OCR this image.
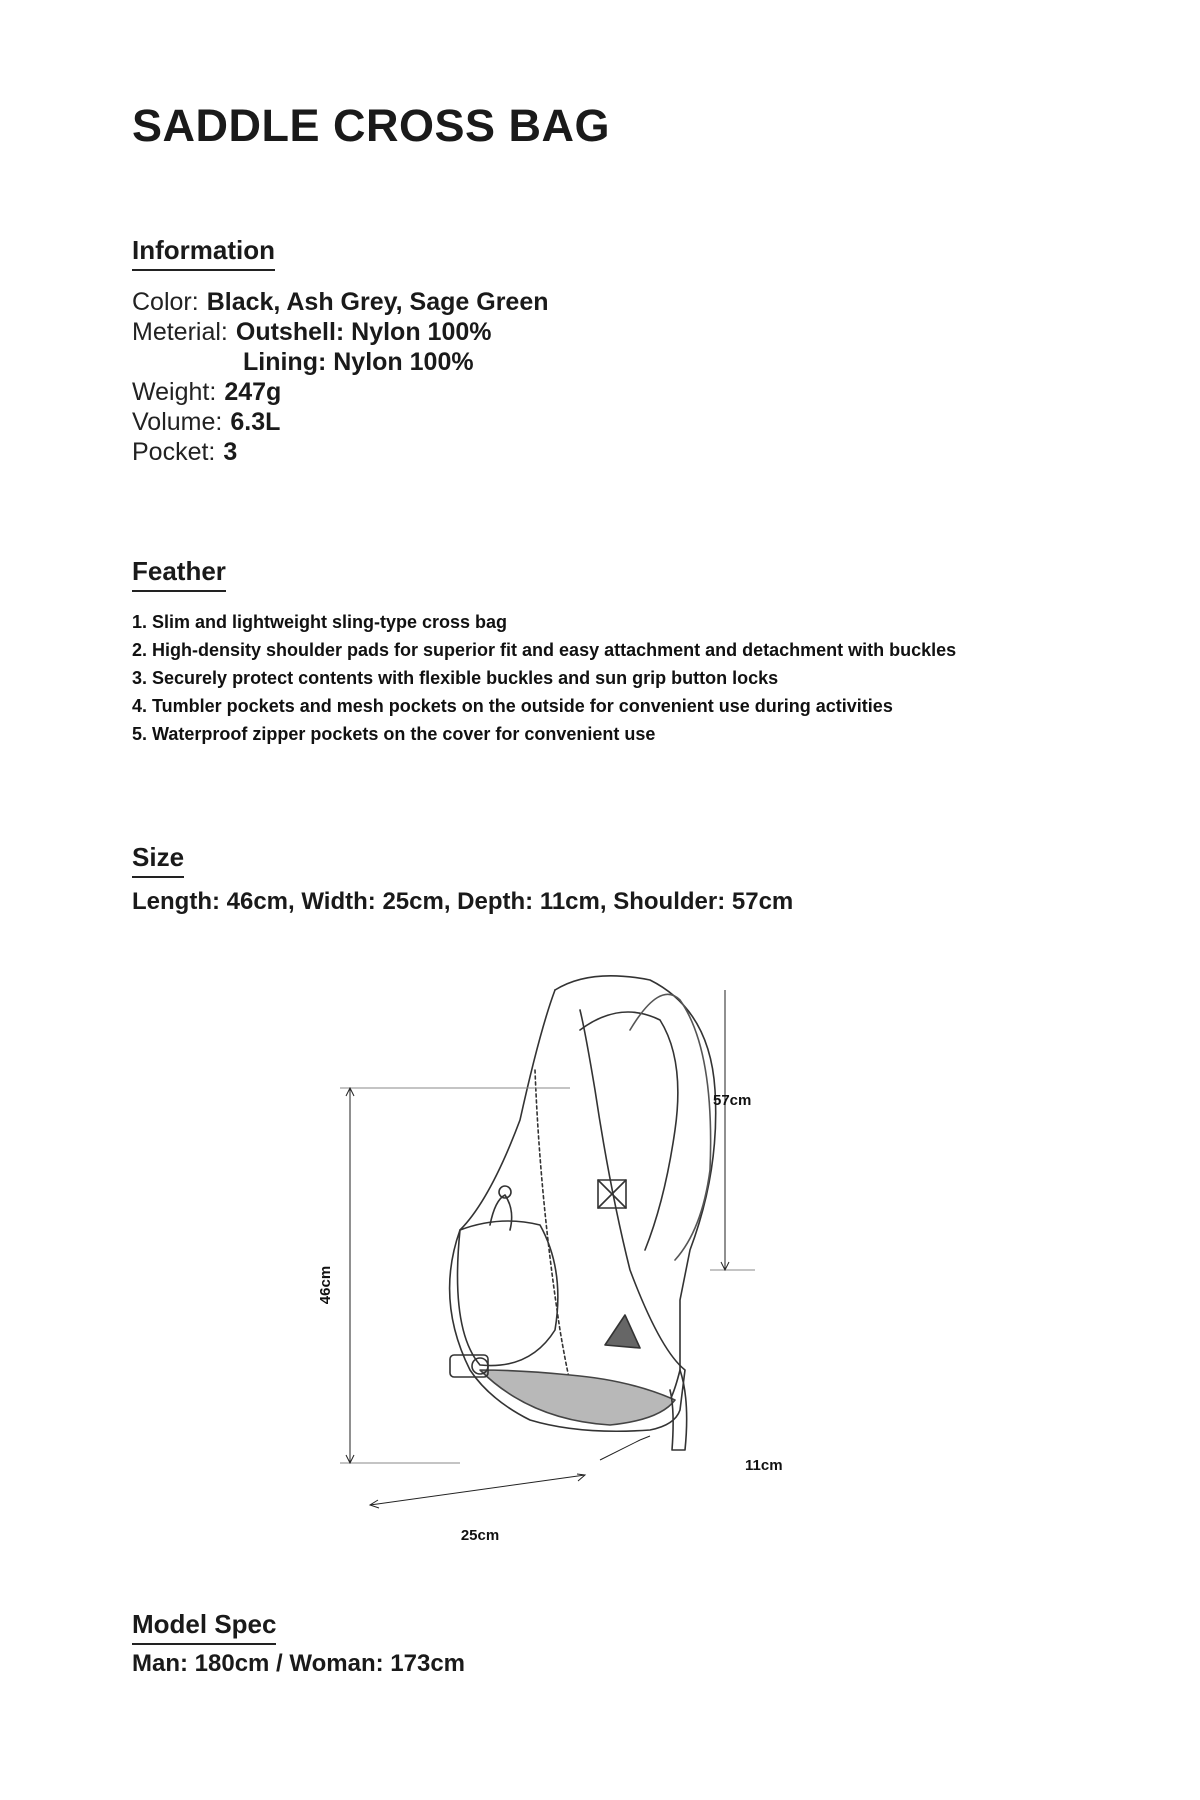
SADDLE CROSS BAG
Information
Color: Black, Ash Grey, Sage Green
Meterial: Outshell: Nylon 100%
Lining: Nylon 100%
Weight: 247g
Volume: 6.3L
Pocket: 3
Feather
1. Slim and lightweight sling-type cross bag
2. High-density shoulder pads for superior fit and easy attachment and detachment with buckles
3. Securely protect contents with flexible buckles and sun grip button locks
4. Tumbler pockets and mesh pockets on the outside for convenient use during activities
5. Waterproof zipper pockets on the cover for convenient use
Size

Length: 46cm, Width: 25cm, Depth: 11cm, Shoulder: 57cm

46cm
57cm
25cm
11cm
Model Spec

Man: 180cm / Woman: 173cm
